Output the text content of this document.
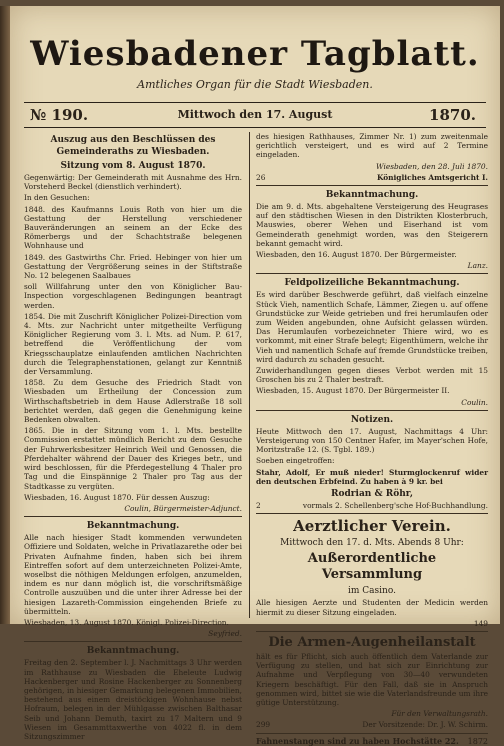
Wiesbadener Tagblatt.
Amtliches Organ für die Stadt Wiesbaden.
№ 190.	Mittwoch den 17. August	1870.
Auszug aus den Beschlüssen des Gemeinderaths zu Wiesbaden.
Sitzung vom 8. August 1870.

Gegenwärtig: Der Gemeinderath mit Ausnahme des Hrn. Vorsteherd Beckel (dienstlich verhindert).

In den Gesuchen:

1848. des Kaufmanns Louis Roth von hier um die Gestattung der Herstellung verschiedener Bauveränderungen an seinem an der Ecke des Römerbergs und der Schachtstraße belegenen Wohnhause und

1849. des Gastwirths Chr. Fried. Hebinger von hier um Gestattung der Vergrößerung seines in der Stiftstraße No. 12 belegenen Saalbaues

soll Willfahrung unter den von Königlicher Bau-Inspection vorgeschlagenen Bedingungen beantragt werden.

1854. Die mit Zuschrift Königlicher Polizei-Direction vom 4. Mts. zur Nachricht unter mitgetheilte Verfügung Königlicher Regierung vom 3. l. Mts. ad Num. P. 617, betreffend die Veröffentlichung der vom Kriegsschauplatze einlaufenden amtlichen Nachrichten durch die Telegraphenstationen, gelangt zur Kenntniß der Versammlung.

1858. Zu dem Gesuche des Friedrich Stadt von Wiesbaden um Ertheilung der Concession zum Wirthschaftsbetrieb in dem Hause Adlerstraße 18 soll berichtet werden, daß gegen die Genehmigung keine Bedenken obwalten.

1865. Die in der Sitzung vom 1. l. Mts. bestellte Commission erstattet mündlich Bericht zu dem Gesuche der Fuhrwerksbesitzer Heinrich Weil und Genossen, die Pferdehalter während der Dauer des Krieges betr., und wird beschlossen, für die Pferdegestellung 4 Thaler pro Tag und die Einspännige 2 Thaler pro Tag aus der Stadtkasse zu vergüten.

Wiesbaden, 16. August 1870. Für dessen Auszug:

Coulin, Bürgermeister-Adjunct.

Bekanntmachung.

Alle nach hiesiger Stadt kommenden verwundeten Offiziere und Soldaten, welche in Privatlazarethe oder bei Privaten Aufnahme finden, haben sich bei ihrem Eintreffen sofort auf dem unterzeichneten Polizei-Amte, woselbst die nöthigen Meldungen erfolgen, anzumelden, indem es nur dann möglich ist, die vorschriftsmäßige Controlle auszuüben und die unter ihrer Adresse bei der hiesigen Lazareth-Commission eingehenden Briefe zu übermitteln.

Wiesbaden, 13. August 1870. Königl. Polizei-Direction.

Seyfried.

Bekanntmachung.

Freitag den 2. September l. J. Nachmittags 3 Uhr werden im Rathhause zu Wiesbaden die Eheleute Ludwig Hackenberger und Rosine Hackenberger zu Sonnenberg gehörigen, in hiesiger Gemarkung belegenen Immobilien, bestehend aus einem dreistöckigen Wohnhause nebst Hofraum, belegen in der Mühlgasse zwischen Balthasar Seib und Johann Demuth, taxirt zu 17 Maltern und 9 Wiesen im Gesammttaxwerthe von 4022 fl. in dem Sitzungszimmer

des hiesigen Rathhauses, Zimmer Nr. 1) zum zweitenmale gerichtlich versteigert, und es wird auf 2 Termine eingeladen.

Wiesbaden, den 28. Juli 1870.

26	Königliches Amtsgericht I.
Bekanntmachung.

Die am 9. d. Mts. abgehaltene Versteigerung des Heugrases auf den städtischen Wiesen in den Distrikten Klosterbruch, Mauswies, oberer Wehen und Eiserhand ist vom Gemeinderath genehmigt worden, was den Steigerern bekannt gemacht wird.

Wiesbaden, den 16. August 1870. Der Bürgermeister.

Lanz.

Feldpolizeiliche Bekanntmachung.

Es wird darüber Beschwerde geführt, daß vielfach einzelne Stück Vieh, namentlich Schafe, Lämmer, Ziegen u. auf offene Grundstücke zur Weide getrieben und frei herumlaufen oder zum Weiden angebunden, ohne Aufsicht gelassen würden. Das Herumlaufen vorbezeichneter Thiere wird, wo es vorkommt, mit einer Strafe belegt; Eigenthümern, welche ihr Vieh und namentlich Schafe auf fremde Grundstücke treiben, wird dadurch zu schaden gesucht.

Zuwiderhandlungen gegen dieses Verbot werden mit 15 Groschen bis zu 2 Thaler bestraft.

Wiesbaden, 15. August 1870. Der Bürgermeister II.

Coulin.

Notizen.

Heute Mittwoch den 17. August, Nachmittags 4 Uhr: Versteigerung von 150 Centner Hafer, im Mayer'schen Hofe, Moritzstraße 12. (S. Tgbl. 189.)

Soeben eingetroffen:

Stahr, Adolf, Er muß nieder! Sturmglockenruf wider den deutschen Erbfeind. Zu haben à 9 kr. bei

Rodrian & Röhr,
2	vormals 2. Schellenberg'sche Hof-Buchhandlung.
Aerztlicher Verein.
Mittwoch den 17. d. Mts. Abends 8 Uhr:
Außerordentliche Versammlung
im Casino.

Alle hiesigen Aerzte und Studenten der Medicin werden hiermit zu dieser Sitzung eingeladen.

149
Die Armen-Augenheilanstalt

hält es für Pflicht, sich auch öffentlich dem Vaterlande zur Verfügung zu stellen, und hat sich zur Einrichtung zur Aufnahme und Verpflegung von 30—40 verwundeten Kriegern beschäftigt. Für den Fall, daß sie in Anspruch genommen wird, bittet sie wie die Vaterlandsfreunde um ihre gütige Unterstützung.

Für den Verwaltungsrath.

299	Der Vorsitzende: Dr. J. W. Schirm.
Fahnenstangen sind zu haben Hochstätte 22. 1872
